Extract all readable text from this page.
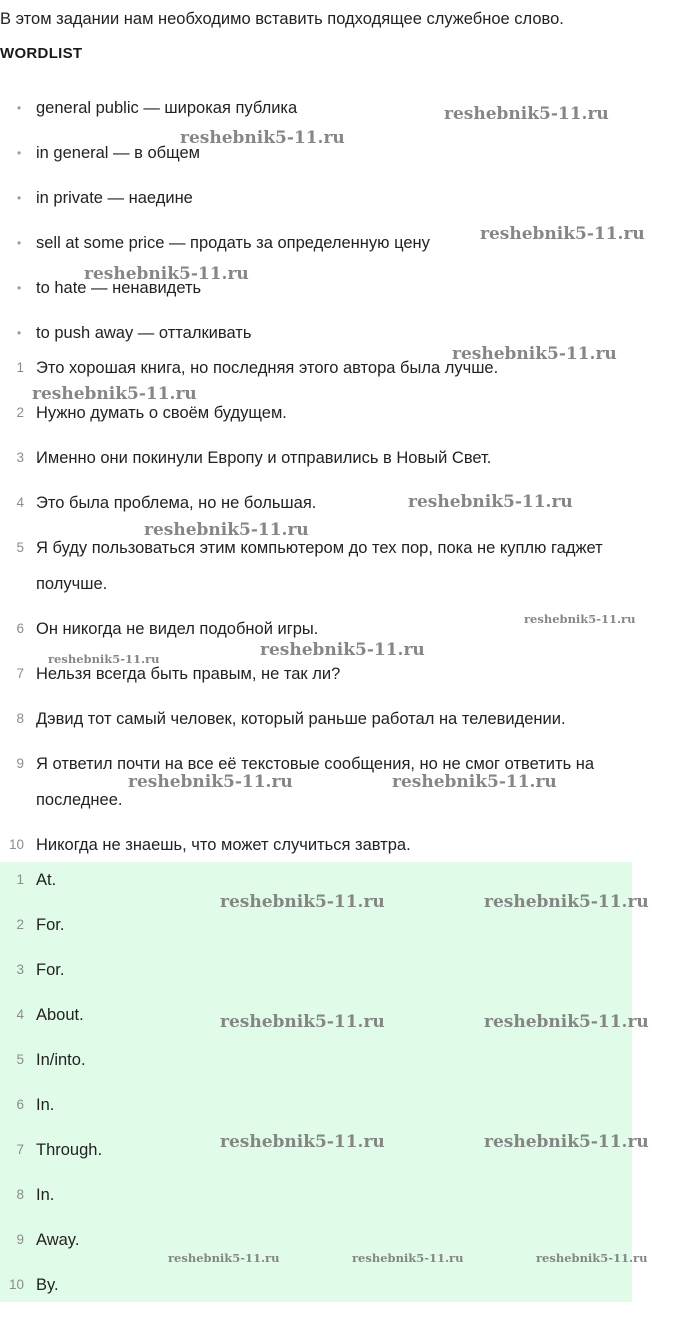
В этом задании нам необходимо вставить подходящее служебное слово.
WORDLIST
• general public — широкая публика
• in general — в общем
• in private — наедине
• sell at some price — продать за определенную цену
• to hate — ненавидеть
• to push away — отталкивать
1 Это хорошая книга, но последняя этого автора была лучше.
2 Нужно думать о своём будущем.
3 Именно они покинули Европу и отправились в Новый Свет.
4 Это была проблема, но не большая.
5 Я буду пользоваться этим компьютером до тех пор, пока не куплю гаджет
получше.
6 Он никогда не видел подобной игры.
7 Нельзя всегда быть правым, не так ли?
8 Дэвид тот самый человек, который раньше работал на телевидении.
9 Я ответил почти на все её текстовые сообщения, но не смог ответить на
последнее.
10 Никогда не знаешь, что может случиться завтра.
1 At.
2 For.
3 For.
4 About.
5 In/into.
6 In.
7 Through.
8 In.
9 Away.
10 By.
reshebnik5-11.ru
reshebnik5-11.ru
reshebnik5-11.ru
reshebnik5-11.ru
reshebnik5-11.ru
reshebnik5-11.ru
reshebnik5-11.ru
reshebnik5-11.ru
reshebnik5-11.ru
reshebnik5-11.ru
reshebnik5-11.ru
reshebnik5-11.ru	reshebnik5-11.ru
reshebnik5-11.ru	reshebnik5-11.ru
reshebnik5-11.ru	reshebnik5-11.ru
reshebnik5-11.ru	reshebnik5-11.ru
reshebnik5-11.ru	reshebnik5-11.ru	reshebnik5-11.ru
